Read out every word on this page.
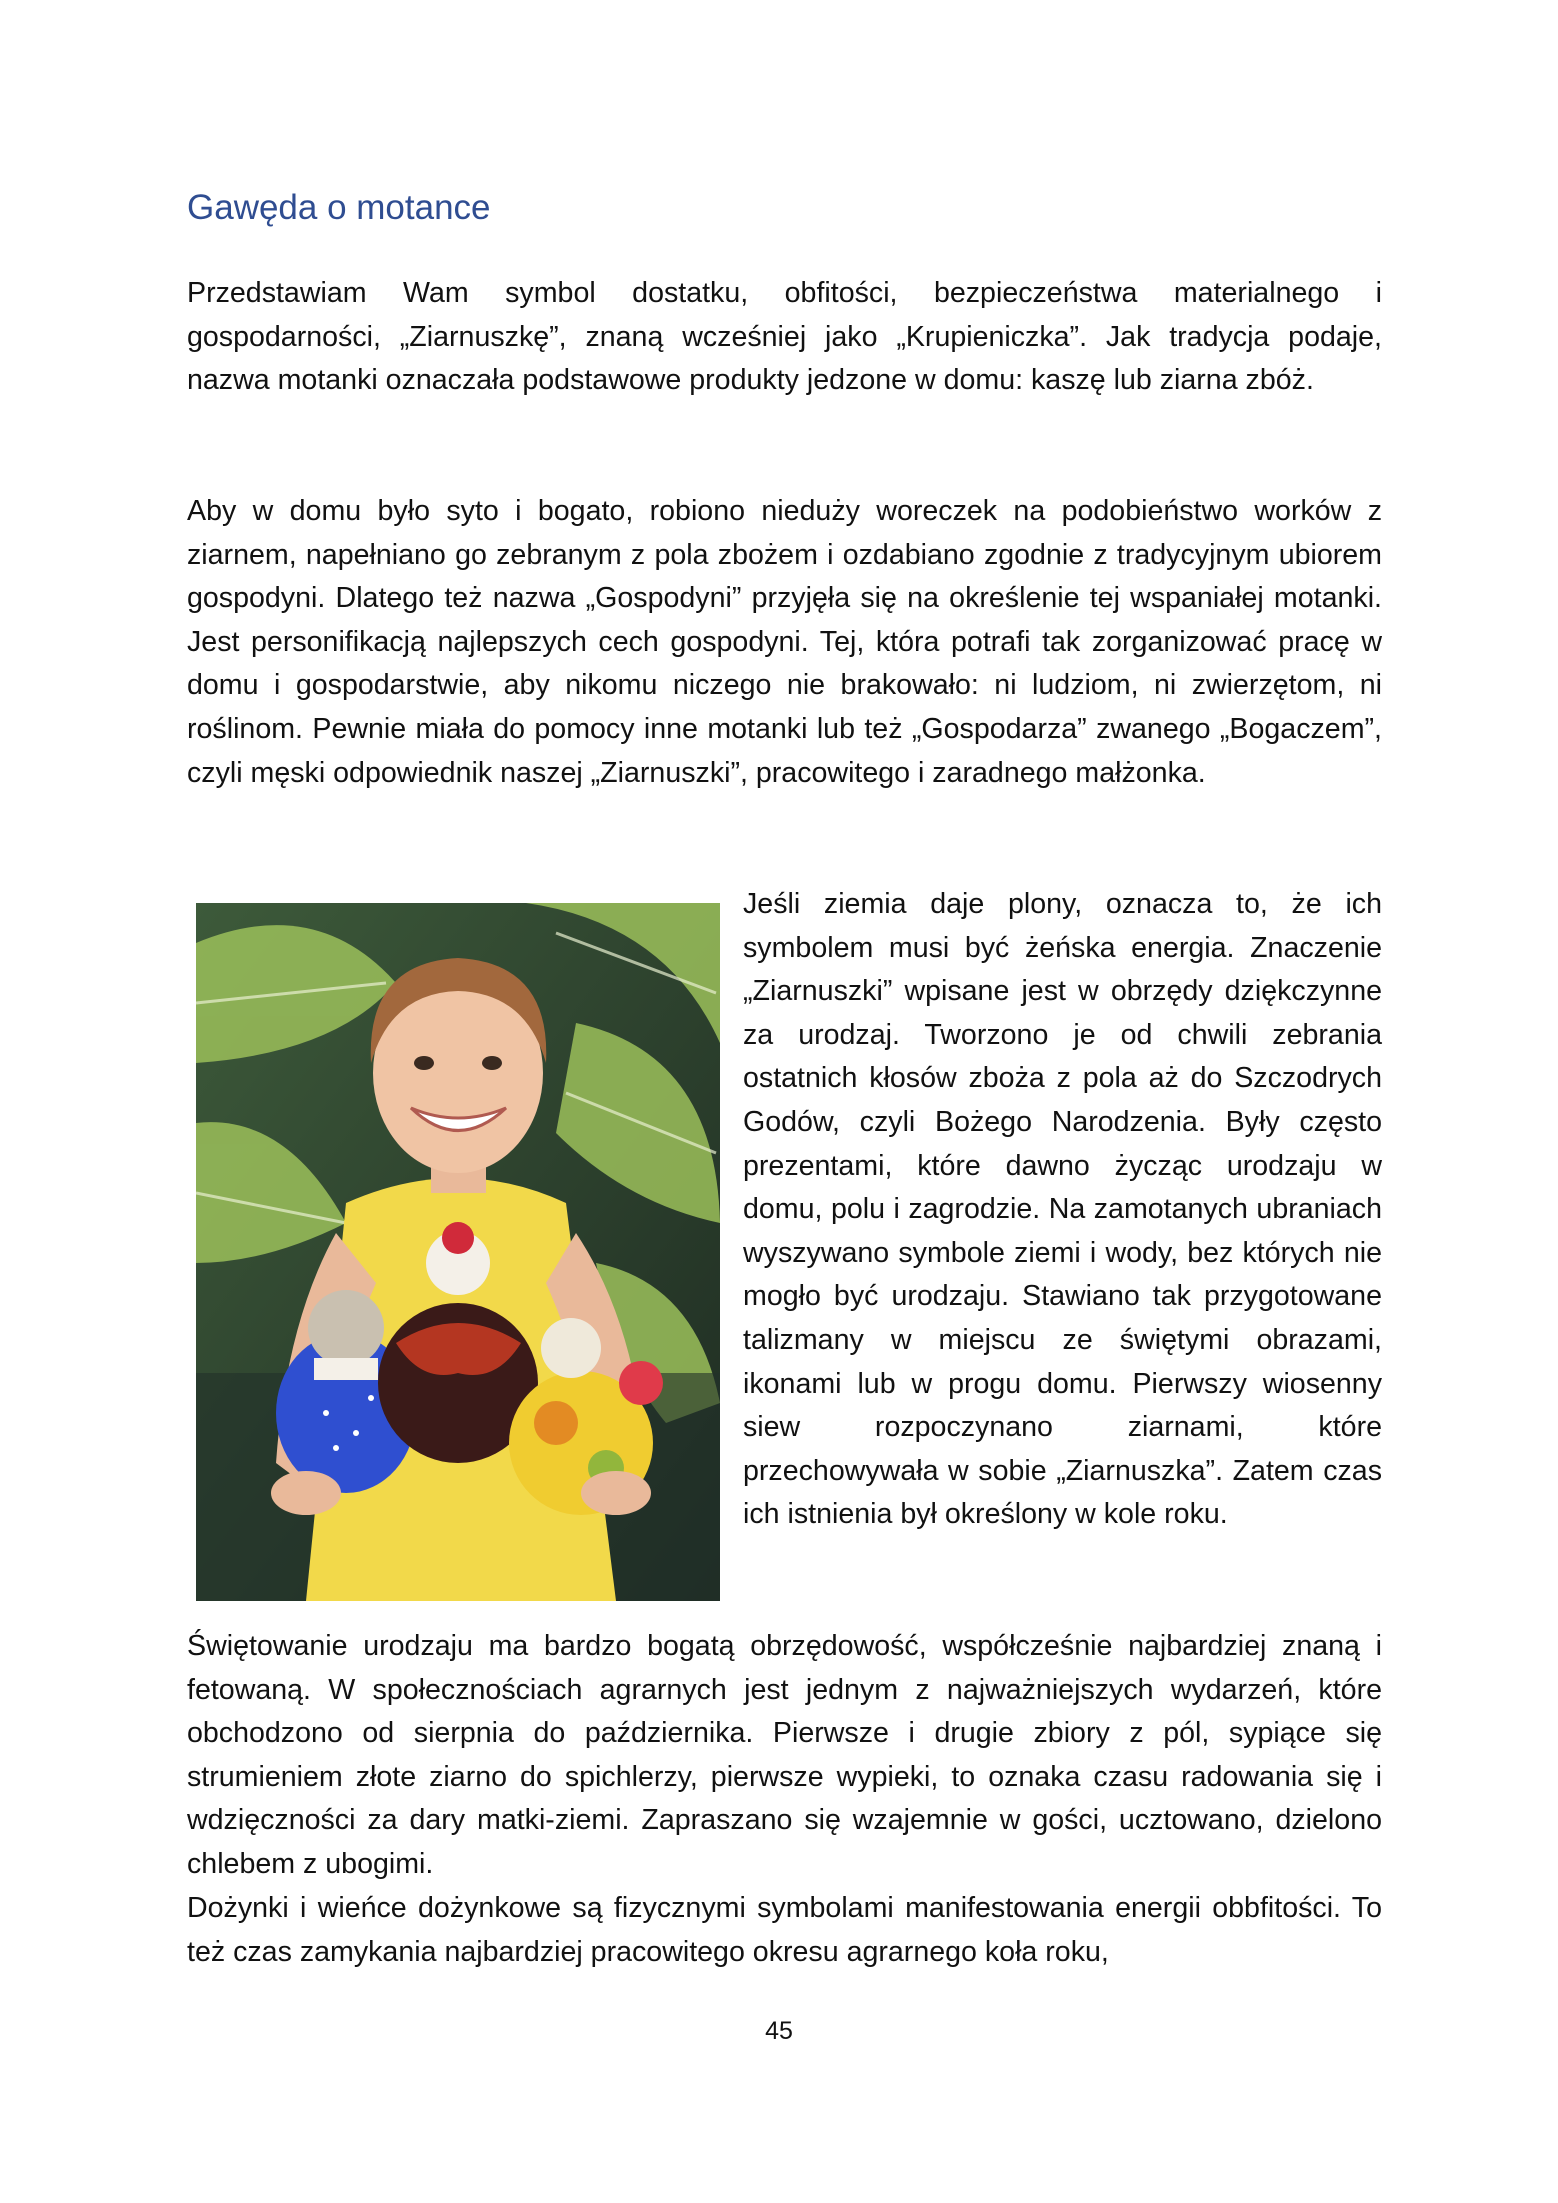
Gawęda o motance

Przedstawiam Wam symbol dostatku, obfitości, bezpieczeństwa materialnego i gospodarności, „Ziarnuszkę”, znaną wcześniej jako „Krupieniczka”. Jak tradycja podaje, nazwa motanki oznaczała podstawowe produkty jedzone w domu: kaszę lub ziarna zbóż.

Aby w domu było syto i bogato, robiono nieduży woreczek na podobieństwo worków z ziarnem, napełniano go zebranym z pola zbożem i ozdabiano zgodnie z tradycyjnym ubiorem gospodyni. Dlatego też nazwa „Gospodyni” przyjęła się na określenie tej wspaniałej motanki. Jest personifikacją najlepszych cech gospodyni. Tej, która potrafi tak zorganizować pracę w domu i gospodarstwie, aby nikomu niczego nie brakowało: ni ludziom, ni zwierzętom, ni roślinom. Pewnie miała do pomocy inne motanki lub też „Gospodarza” zwanego „Bogaczem”, czyli męski odpowiednik naszej „Ziarnuszki”, pracowitego i zaradnego małżonka.

Jeśli ziemia daje plony, oznacza to, że ich symbolem musi być żeńska energia. Znaczenie „Ziarnuszki” wpisane jest w obrzędy dziękczynne za urodzaj. Tworzono je od chwili zebrania ostatnich kłosów zboża z pola aż do Szczodrych Godów, czyli Bożego Narodzenia. Były często prezentami, które dawno życząc urodzaju w domu, polu i zagrodzie. Na zamotanych ubraniach wyszywano symbole ziemi i wody, bez których nie mogło być urodzaju. Stawiano tak przygotowane talizmany w miejscu ze świętymi obrazami, ikonami lub w progu domu. Pierwszy wiosenny siew rozpoczynano ziarnami, które przechowywała w sobie „Ziarnuszka”. Zatem czas ich istnienia był określony w kole roku.

Świętowanie urodzaju ma bardzo bogatą obrzędowość, współcześnie najbardziej znaną i fetowaną. W społecznościach agrarnych jest jednym z najważniejszych wydarzeń, które obchodzono od sierpnia do października. Pierwsze i drugie zbiory z pól, sypiące się strumieniem złote ziarno do spichlerzy, pierwsze wypieki, to oznaka czasu radowania się i wdzięczności za dary matki-ziemi. Zapraszano się wzajemnie w gości, ucztowano, dzielono chlebem z ubogimi.

Dożynki i wieńce dożynkowe są fizycznymi symbolami manifestowania energii obbfitości. To też czas zamykania najbardziej pracowitego okresu agrarnego koła roku,

45
